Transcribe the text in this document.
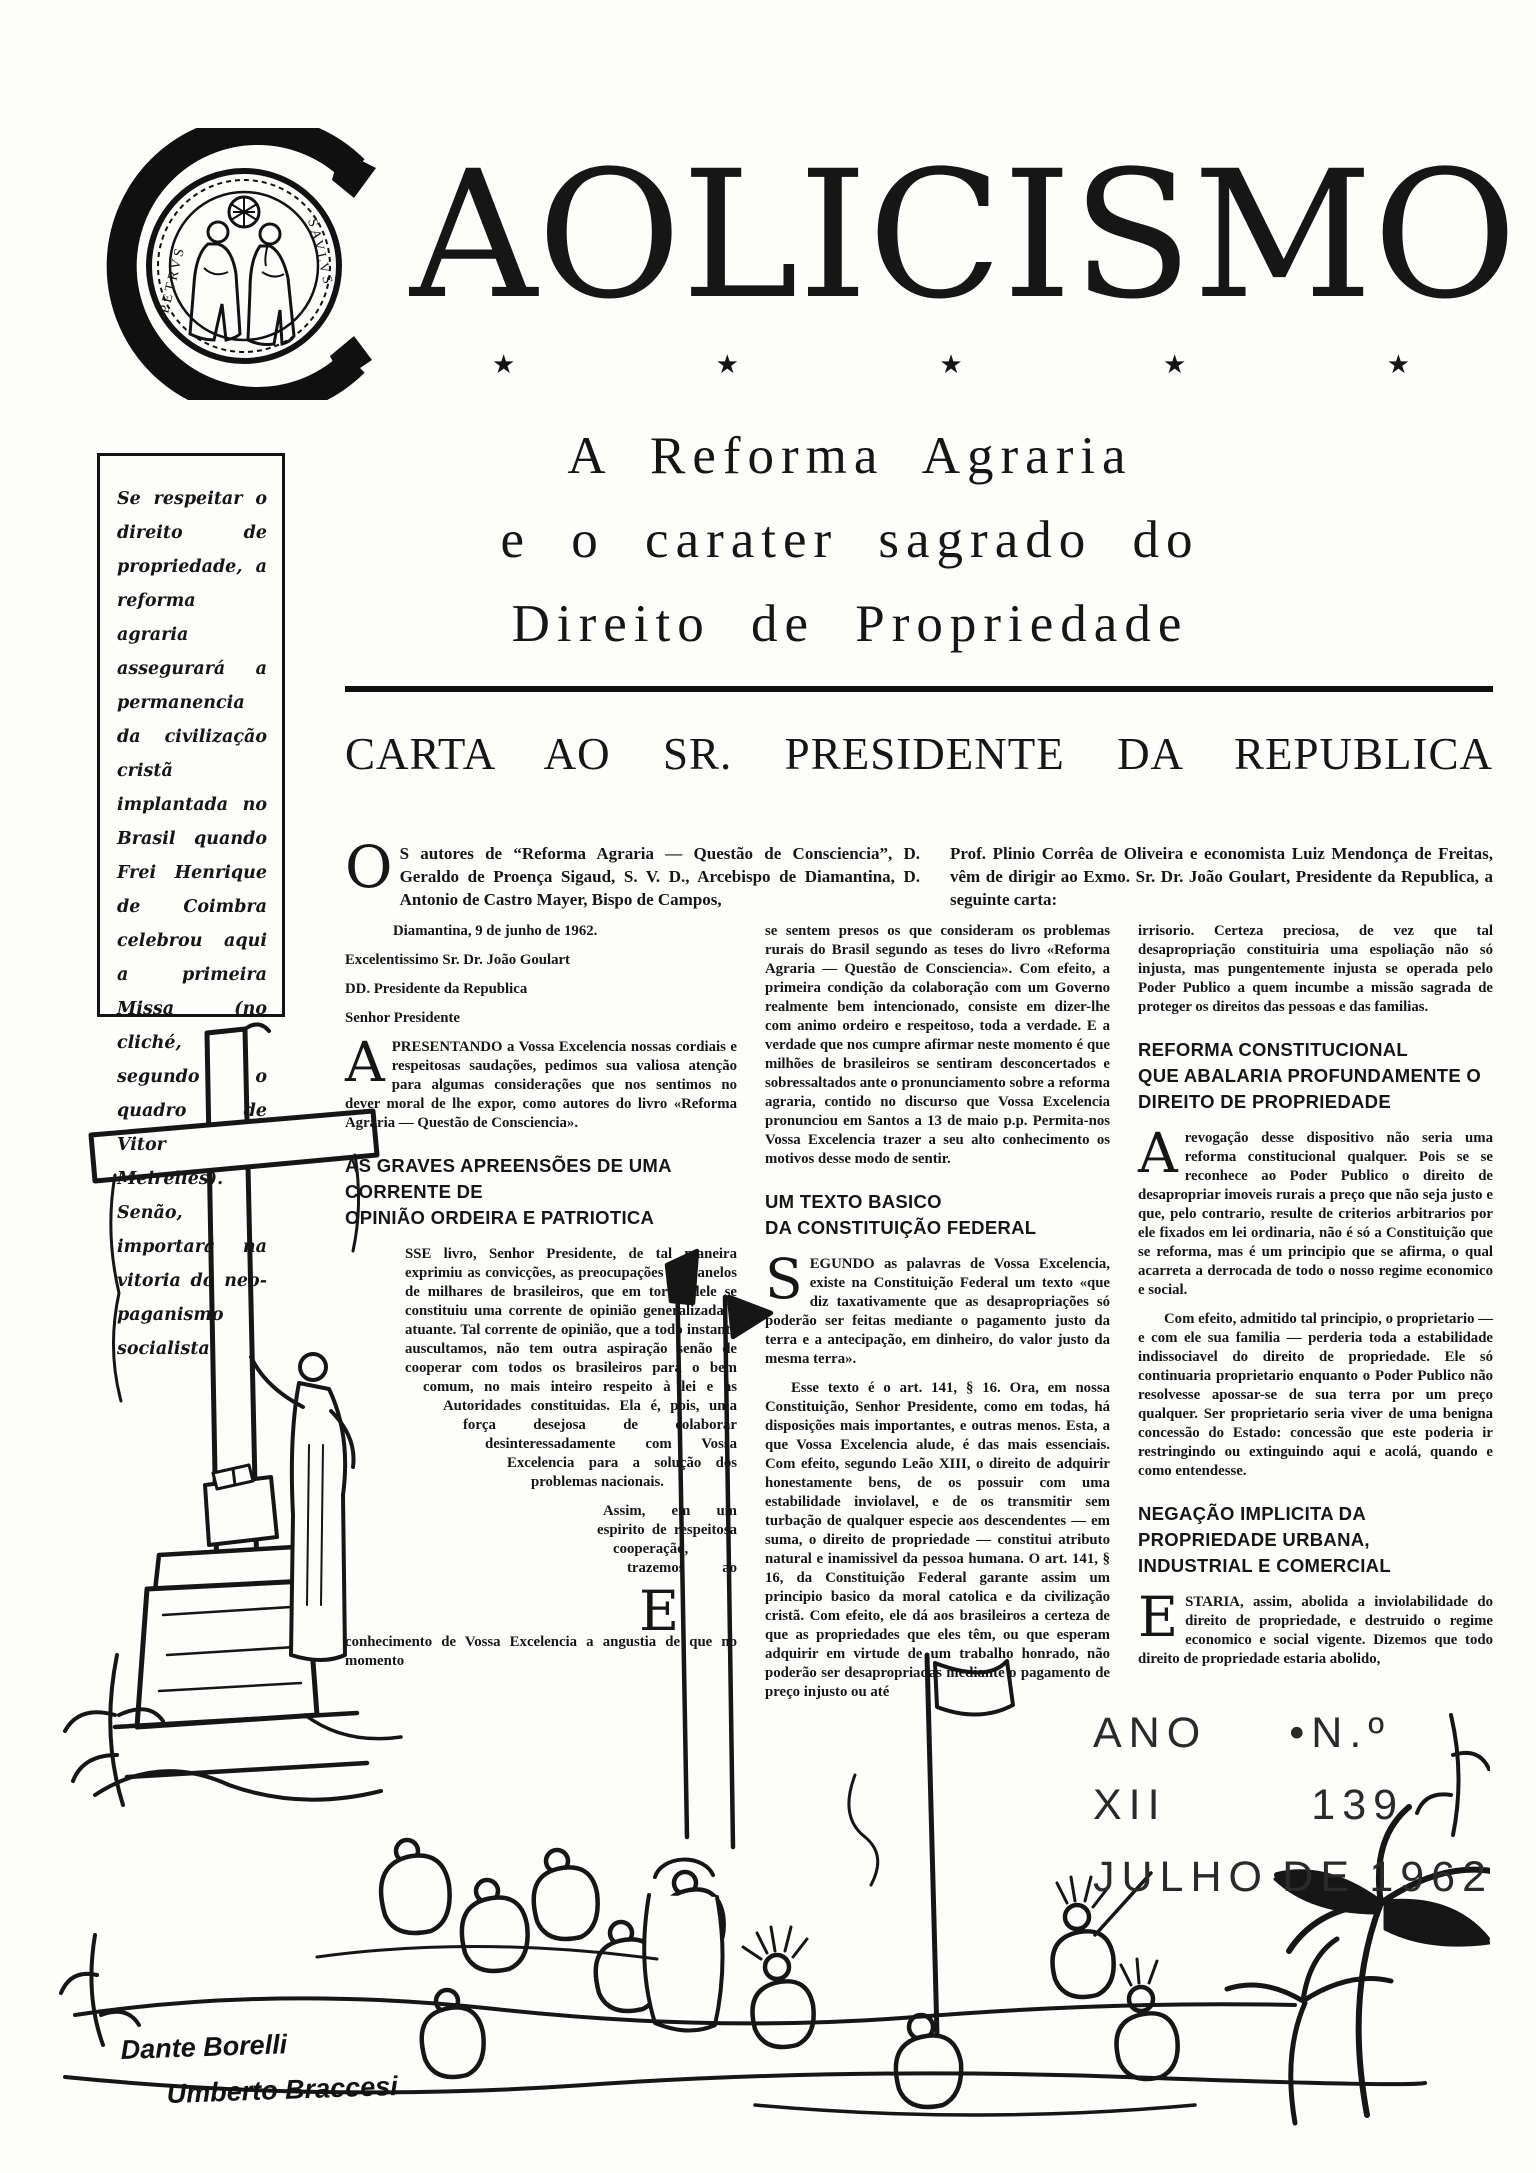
PETRVS	SAVLVS A O L I C I S M O
★	★	★	★	★
Se respeitar o direito de propriedade, a reforma agraria assegurará a permanencia da civilização cristã implantada no Brasil quando Frei Henrique de Coimbra celebrou aqui a primeira Missa (no cliché, segundo o quadro de Vitor Meirelles). Senão, importará na vitoria do neo-paganismo socialista.
A Reforma Agraria
e o carater sagrado do
Direito de Propriedade
CARTA AO SR. PRESIDENTE DA REPUBLICA

O S autores de “Reforma Agraria — Questão de Consciencia”, D. Geraldo de Proença Sigaud, S. V. D., Arcebispo de Diamantina, D. Antonio de Castro Mayer, Bispo de Campos,

Prof. Plinio Corrêa de Oliveira e economista Luiz Mendonça de Freitas, vêm de dirigir ao Exmo. Sr. Dr. João Goulart, Presidente da Republica, a seguinte carta:

Diamantina, 9 de junho de 1962.

Excelentissimo Sr. Dr. João Goulart

DD. Presidente da Republica

Senhor Presidente

APRESENTANDO a Vossa Excelencia nossas cordiais e respeitosas saudações, pedimos sua valiosa atenção para algumas considerações que nos sentimos no dever moral de lhe expor, como autores do livro «Reforma Agraria — Questão de Consciencia».

AS GRAVES APREENSÕES DE UMA
CORRENTE DE
OPINIÃO ORDEIRA E PATRIOTICA

E
SSE livro, Senhor Presidente, de tal maneira exprimiu as convicções, as preocupações e os anelos de milhares de brasileiros, que em torno dele se constituiu uma corrente de opinião generalizada e atuante. Tal corrente de opinião, que a todo instante auscultamos, não tem outra aspiração senão de cooperar com todos os brasileiros para o bem comum, no mais inteiro respeito à lei e às Autoridades constituidas. Ela é, pois, uma força desejosa de colaborar desinteressadamente com Vossa Excelencia para a solução dos problemas nacionais.

Assim, em um espirito de respeitosa cooperação, trazemos ao conhecimento de Vossa Excelencia a angustia de que no momento

se sentem presos os que consideram os problemas rurais do Brasil segundo as teses do livro «Reforma Agraria — Questão de Consciencia». Com efeito, a primeira condição da colaboração com um Governo realmente bem intencionado, consiste em dizer-lhe com animo ordeiro e respeitoso, toda a verdade. E a verdade que nos cumpre afirmar neste momento é que milhões de brasileiros se sentiram desconcertados e sobressaltados ante o pronunciamento sobre a reforma agraria, contido no discurso que Vossa Excelencia pronunciou em Santos a 13 de maio p.p. Permita-nos Vossa Excelencia trazer a seu alto conhecimento os motivos desse modo de sentir.

UM TEXTO BASICO
DA CONSTITUIÇÃO FEDERAL

SEGUNDO as palavras de Vossa Excelencia, existe na Constituição Federal um texto «que diz taxativamente que as desapropriações só poderão ser feitas mediante o pagamento justo da terra e a antecipação, em dinheiro, do valor justo da mesma terra».

Esse texto é o art. 141, § 16. Ora, em nossa Constituição, Senhor Presidente, como em todas, há disposições mais importantes, e outras menos. Esta, a que Vossa Excelencia alude, é das mais essenciais. Com efeito, segundo Leão XIII, o direito de adquirir honestamente bens, de os possuir com uma estabilidade inviolavel, e de os transmitir sem turbação de qualquer especie aos descendentes — em suma, o direito de propriedade — constitui atributo natural e inamissivel da pessoa humana. O art. 141, § 16, da Constituição Federal garante assim um principio basico da moral catolica e da civilização cristã. Com efeito, ele dá aos brasileiros a certeza de que as propriedades que eles têm, ou que esperam adquirir em virtude de um trabalho honrado, não poderão ser desapropriadas mediante o pagamento de preço injusto ou até

irrisorio. Certeza preciosa, de vez que tal desapropriação constituiria uma espoliação não só injusta, mas pungentemente injusta se operada pelo Poder Publico a quem incumbe a missão sagrada de proteger os direitos das pessoas e das familias.

REFORMA CONSTITUCIONAL
QUE ABALARIA PROFUNDAMENTE O
DIREITO DE PROPRIEDADE

Arevogação desse dispositivo não seria uma reforma constitucional qualquer. Pois se se reconhece ao Poder Publico o direito de desapropriar imoveis rurais a preço que não seja justo e que, pelo contrario, resulte de criterios arbitrarios por ele fixados em lei ordinaria, não é só a Constituição que se reforma, mas é um principio que se afirma, o qual acarreta a derrocada de todo o nosso regime economico e social.

Com efeito, admitido tal principio, o proprietario — e com ele sua familia — perderia toda a estabilidade indissociavel do direito de propriedade. Ele só continuaria proprietario enquanto o Poder Publico não resolvesse apossar-se de sua terra por um preço qualquer. Ser proprietario seria viver de uma benigna concessão do Estado: concessão que este poderia ir restringindo ou extinguindo aqui e acolá, quando e como entendesse.

NEGAÇÃO IMPLICITA DA
PROPRIEDADE URBANA,
INDUSTRIAL E COMERCIAL

ESTARIA, assim, abolida a inviolabilidade do direito de propriedade, e destruido o regime economico e social vigente. Dizemos que todo direito de propriedade estaria abolido,

ANO XII
• N.º 139
JULHO DE 1962
Dante Borelli
Umberto Braccesi
